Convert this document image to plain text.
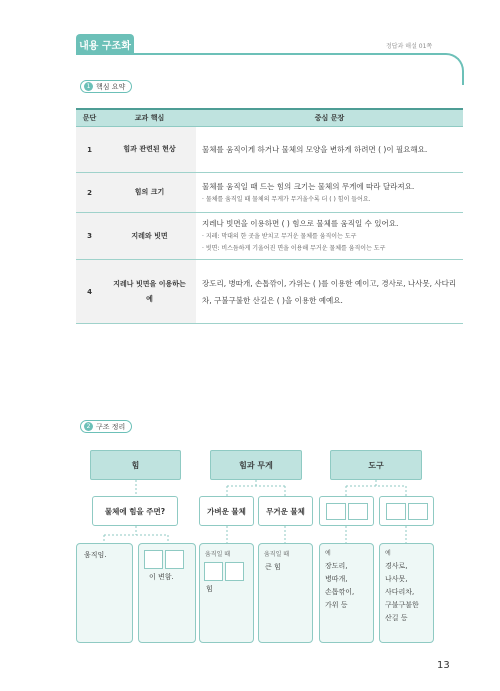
내용 구조화	정답과 해설 01쪽
1 핵심 요약
문단	교과 핵심	중심 문장
1	힘과 관련된 현상	물체를 움직이게 하거나 물체의 모양을 변하게 하려면 ( )이 필요해요.

2	힘의 크기	물체를 움직일 때 드는 힘의 크기는 물체의 무게에 따라 달라져요.
· 물체를 움직일 때 물체의 무게가 무거울수록 더 ( ) 힘이 들어요.

3	지레와 빗면	지레나 빗면을 이용하면 ( ) 힘으로 물체를 움직일 수 있어요.
· 지레: 막대의 한 곳을 받치고 무거운 물체를 움직이는 도구
· 빗면: 비스듬하게 기울어진 면을 이용해 무거운 물체를 움직이는 도구

4	지레나 빗면을 이용하는 예	장도리, 병따개, 손톱깎이, 가위는 ( )를 이용한 예이고, 경사로, 나사못, 사다리차, 구불구불한 산길은 ( )을 이용한 예예요.
2 구조 정리
힘	힘과 무게	도구
물체에 힘을 주면?	가벼운 물체	무거운 물체
움직임.
이 변함.
움직일 때
힘
움직일 때
큰 힘
예
장도리,
병따개,
손톱깎이,
가위 등
예
경사로,
나사못,
사다리차,
구불구불한
산길 등
13
